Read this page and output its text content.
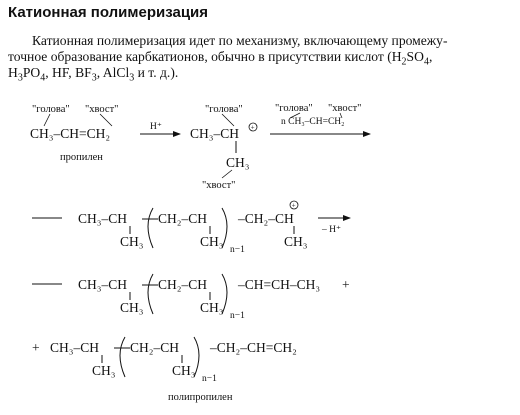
Катионная полимеризация
Катионная полимеризация идет по механизму, включающему промежу-
точное образование карбкатионов, обычно в присутствии кислот ($H_2SO_4$,
$H_3PO_4$, HF, $BF_3$, AlCl$_3$ и т. д.).
"голова" "хвост"
CH₃–CH=CH₂
пропилен
H⁺
"голова"
CH₃–CH +
CH₃
"хвост"
"голова" "хвост"
n CH₃–CH=CH₂
CH₃–CH
CH₃
CH₂–CH
CH₃
n−1
–CH₂–CH
CH₃
+
– H⁺
CH₃–CH
CH₃
CH₂–CH
CH₃
n−1
–CH=CH–CH₃ +
+ CH₃–CH
CH₃
CH₂–CH
CH₃
n−1
–CH₂–CH=CH₂
полипропилен
